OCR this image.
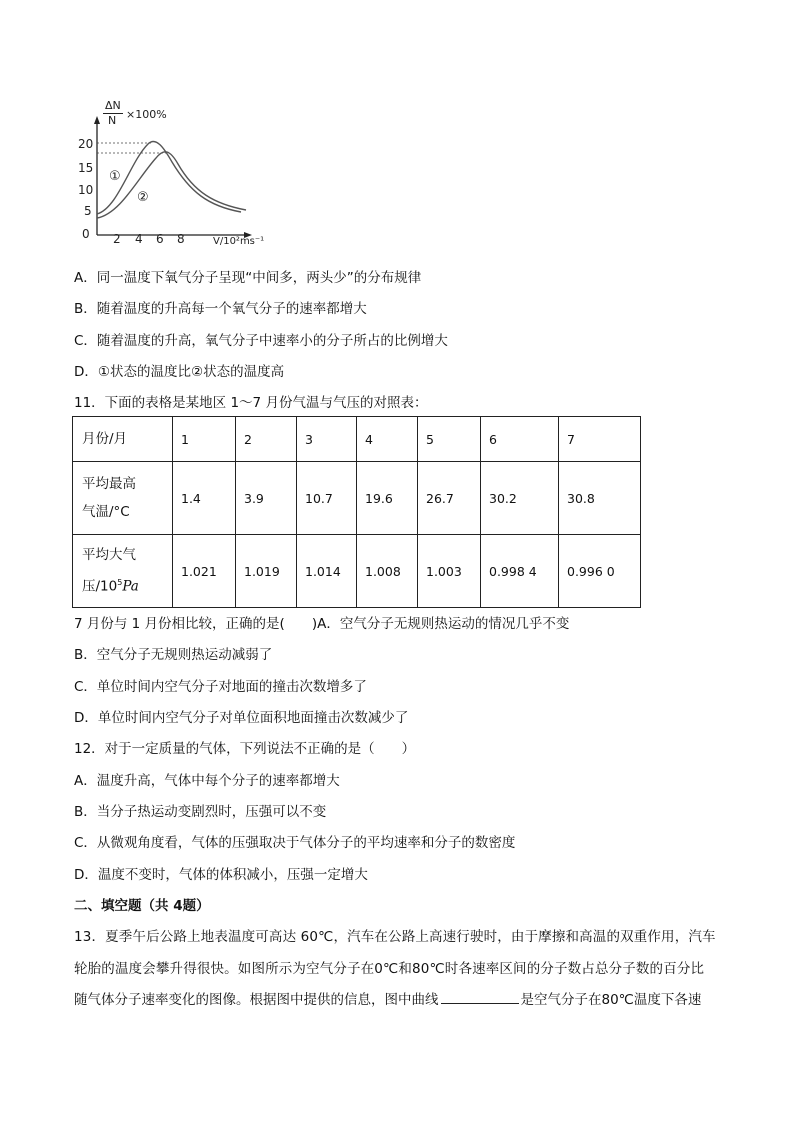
ΔN
N ×100%
20
15
10
5
0 2 4 6 8	V/10²ms⁻¹
①
②
A．同一温度下氧气分子呈现“中间多，两头少”的分布规律
B．随着温度的升高每一个氧气分子的速率都增大
C．随着温度的升高，氧气分子中速率小的分子所占的比例增大
D．①状态的温度比②状态的温度高
11．下面的表格是某地区 1～7 月份气温与气压的对照表：
月份/月	1	2	3	4	5	6	7

平均最高
气温/°C	1.4	3.9	10.7	19.6	26.7	30.2	30.8

平均大气
压$/10^5Pa$	1.021	1.019	1.014	1.008	1.003	0.998 4	0.996 0
7 月份与 1 月份相比较，正确的是(　　)A．空气分子无规则热运动的情况几乎不变
B．空气分子无规则热运动减弱了
C．单位时间内空气分子对地面的撞击次数增多了
D．单位时间内空气分子对单位面积地面撞击次数减少了
12．对于一定质量的气体，下列说法不正确的是（　　）
A．温度升高，气体中每个分子的速率都增大
B．当分子热运动变剧烈时，压强可以不变
C．从微观角度看，气体的压强取决于气体分子的平均速率和分子的数密度
D．温度不变时，气体的体积减小，压强一定增大
二、填空题（共 4题）
13．夏季午后公路上地表温度可高达 60℃，汽车在公路上高速行驶时，由于摩擦和高温的双重作用，汽车
轮胎的温度会攀升得很快。如图所示为空气分子在0℃和80℃时各速率区间的分子数占总分子数的百分比
随气体分子速率变化的图像。根据图中提供的信息，图中曲线	是空气分子在80℃温度下各速
